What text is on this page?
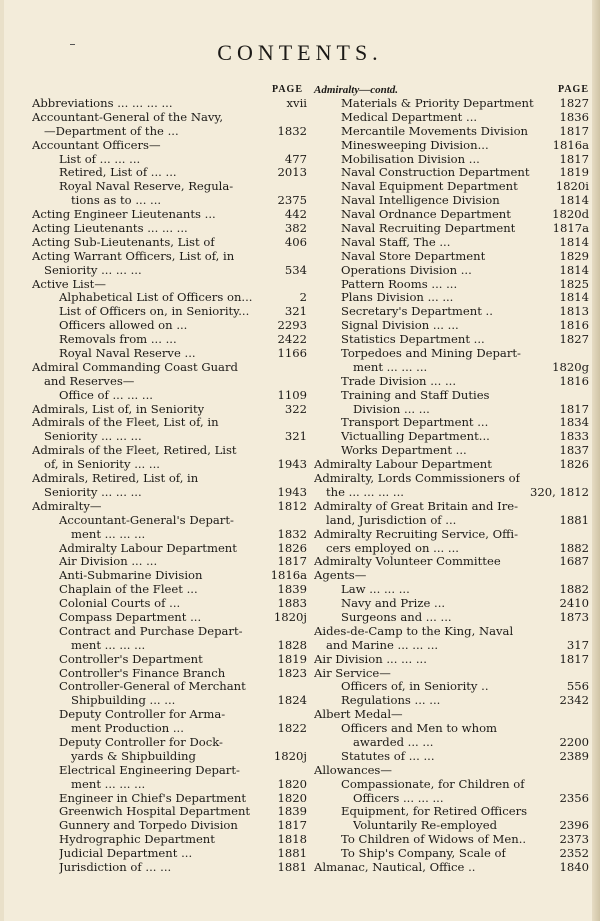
CONTENTS.
PAGE
Abbreviations ... ... ... ...	xvii
Accountant-General of the Navy,
—Department of the ...	1832
Accountant Officers—
List of ... ... ...	477
Retired, List of ... ...	2013
Royal Naval Reserve, Regula-
tions as to ... ...	2375
Acting Engineer Lieutenants ...	442
Acting Lieutenants ... ... ...	382
Acting Sub-Lieutenants, List of	406
Acting Warrant Officers, List of, in
Seniority ... ... ...	534
Active List—
Alphabetical List of Officers on...	2
List of Officers on, in Seniority...	321
Officers allowed on ...	2293
Removals from ... ...	2422
Royal Naval Reserve ...	1166
Admiral Commanding Coast Guard
and Reserves—
Office of ... ... ...	1109
Admirals, List of, in Seniority	322
Admirals of the Fleet, List of, in
Seniority ... ... ...	321
Admirals of the Fleet, Retired, List
of, in Seniority ... ...	1943
Admirals, Retired, List of, in
Seniority ... ... ...	1943
Admiralty—	1812
Accountant-General's Depart-
ment ... ... ...	1832
Admiralty Labour Department	1826
Air Division ... ...	1817
Anti-Submarine Division	1816a
Chaplain of the Fleet ...	1839
Colonial Courts of ...	1883
Compass Department ...	1820j
Contract and Purchase Depart-
ment ... ... ...	1828
Controller's Department	1819
Controller's Finance Branch	1823
Controller-General of Merchant
Shipbuilding ... ...	1824
Deputy Controller for Arma-
ment Production ...	1822
Deputy Controller for Dock-
yards & Shipbuilding	1820j
Electrical Engineering Depart-
ment ... ... ...	1820
Engineer in Chief's Department	1820
Greenwich Hospital Department 1839
Gunnery and Torpedo Division	1817
Hydrographic Department	1818
Judicial Department ...	1881
Jurisdiction of ... ...	1881
Admiralty—contd.	PAGE
Materials & Priority Department 1827
Medical Department ...	1836
Mercantile Movements Division	1817
Minesweeping Division...	1816a
Mobilisation Division ...	1817
Naval Construction Department	1819
Naval Equipment Department	1820i
Naval Intelligence Division	1814
Naval Ordnance Department	1820d
Naval Recruiting Department	1817a
Naval Staff, The ...	1814
Naval Store Department	1829
Operations Division ...	1814
Pattern Rooms ... ...	1825
Plans Division ... ...	1814
Secretary's Department ..	1813
Signal Division ... ...	1816
Statistics Department ...	1827
Torpedoes and Mining Depart-
ment ... ... ...	1820g
Trade Division ... ...	1816
Training and Staff Duties
Division ... ...	1817
Transport Department ...	1834
Victualling Department...	1833
Works Department ...	1837
Admiralty Labour Department	1826
Admiralty, Lords Commissioners of
the ... ... ... ...	320, 1812
Admiralty of Great Britain and Ire-
land, Jurisdiction of ...	1881
Admiralty Recruiting Service, Offi-
cers employed on ... ...	1882
Admiralty Volunteer Committee	1687
Agents—
Law ... ... ...	1882
Navy and Prize ...	2410
Surgeons and ... ...	1873
Aides-de-Camp to the King, Naval
and Marine ... ... ...	317
Air Division ... ... ...	1817
Air Service—
Officers of, in Seniority ..	556
Regulations ... ...	2342
Albert Medal—
Officers and Men to whom
awarded ... ...	2200
Statutes of ... ...	2389
Allowances—
Compassionate, for Children of
Officers ... ... ...	2356
Equipment, for Retired Officers
Voluntarily Re-employed	2396
To Children of Widows of Men..	2373
To Ship's Company, Scale of	2352
Almanac, Nautical, Office ..	1840
